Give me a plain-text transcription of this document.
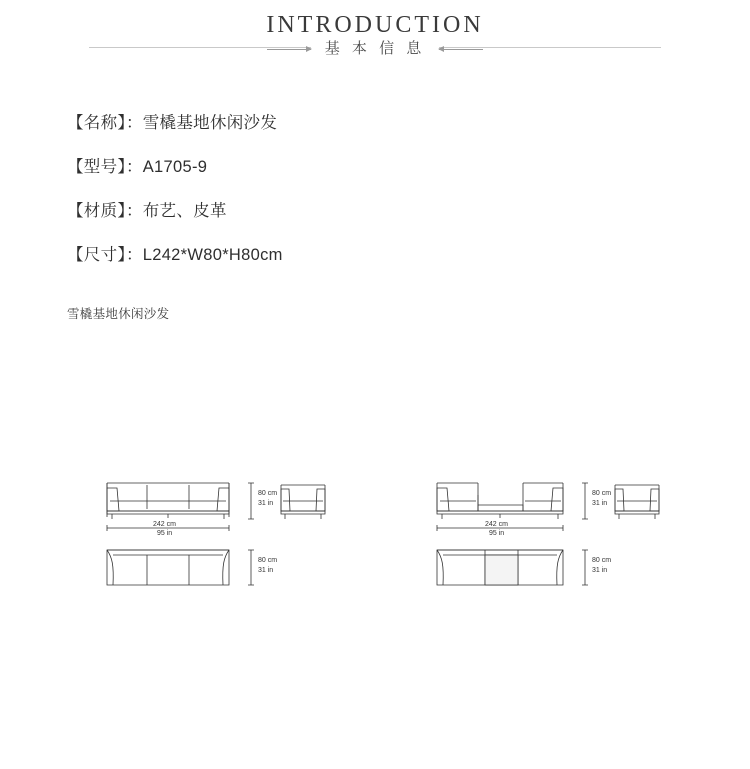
INTRODUCTION
基 本 信 息
【名称】：雪橇基地休闲沙发
【型号】：A1705-9
【材质】：布艺、皮革
【尺寸】：L242*W80*H80cm
雪橇基地休闲沙发
80 cm
31 in
242 cm
95 in
80 cm
31 in
80 cm
31 in
242 cm
95 in
80 cm
31 in
